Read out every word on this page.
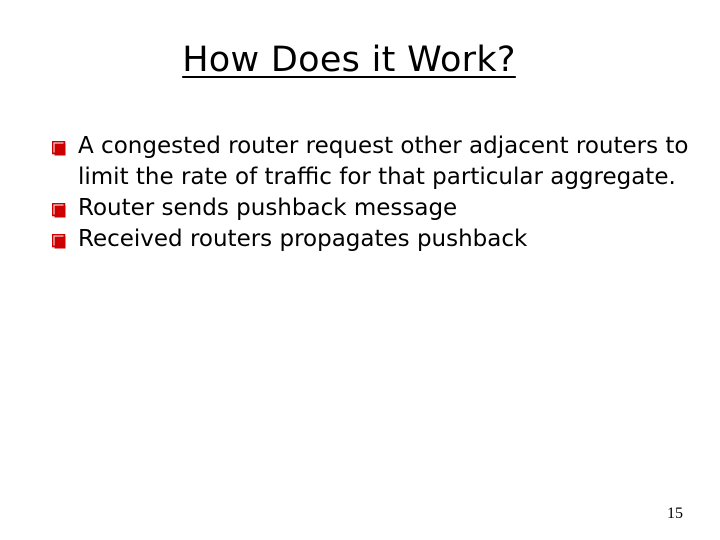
How Does it Work?
A congested router request other adjacent routers to limit the rate of traffic for that particular aggregate.
Router sends pushback message
Received routers propagates pushback
15
